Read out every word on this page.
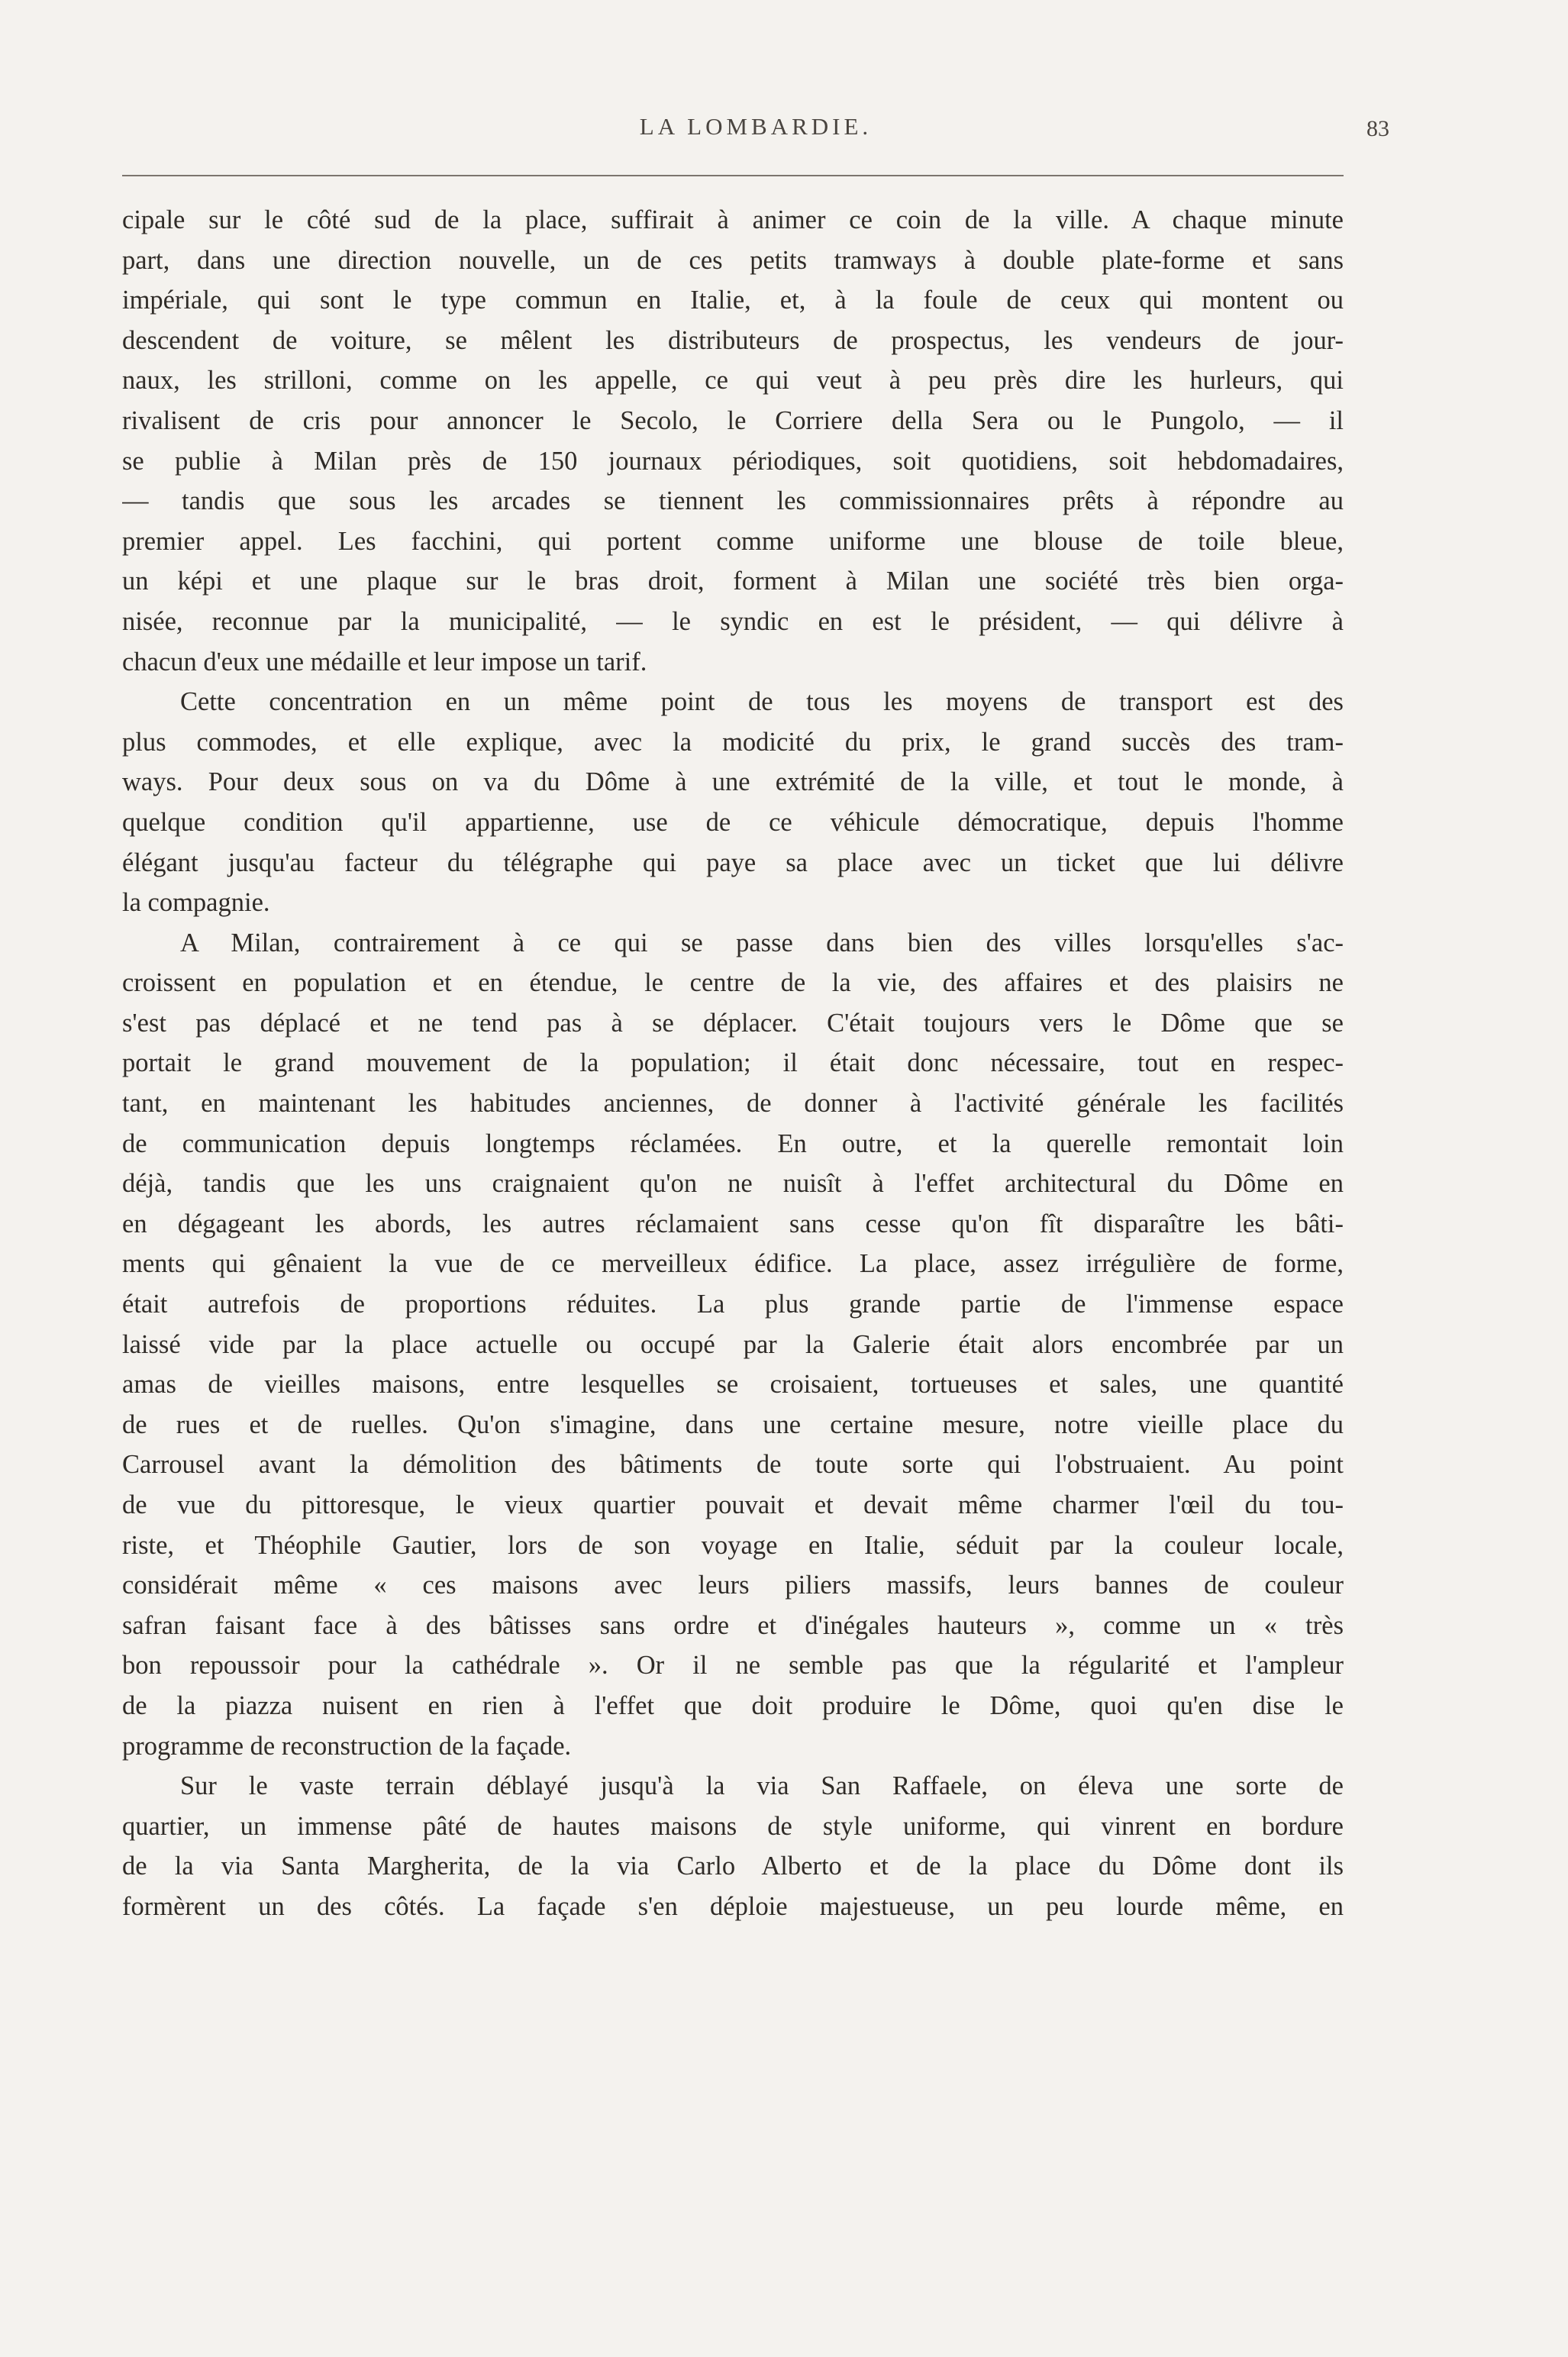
LA LOMBARDIE.	83
cipale sur le côté sud de la place, suffirait à animer ce coin de la ville. A chaque minute
part, dans une direction nouvelle, un de ces petits tramways à double plate-forme et sans
impériale, qui sont le type commun en Italie, et, à la foule de ceux qui montent ou
descendent de voiture, se mêlent les distributeurs de prospectus, les vendeurs de jour-
naux, les strilloni, comme on les appelle, ce qui veut à peu près dire les hurleurs, qui
rivalisent de cris pour annoncer le Secolo, le Corriere della Sera ou le Pungolo, — il
se publie à Milan près de 150 journaux périodiques, soit quotidiens, soit hebdomadaires,
— tandis que sous les arcades se tiennent les commissionnaires prêts à répondre au
premier appel. Les facchini, qui portent comme uniforme une blouse de toile bleue,
un képi et une plaque sur le bras droit, forment à Milan une société très bien orga-
nisée, reconnue par la municipalité, — le syndic en est le président, — qui délivre à
chacun d'eux une médaille et leur impose un tarif.
Cette concentration en un même point de tous les moyens de transport est des
plus commodes, et elle explique, avec la modicité du prix, le grand succès des tram-
ways. Pour deux sous on va du Dôme à une extrémité de la ville, et tout le monde, à
quelque condition qu'il appartienne, use de ce véhicule démocratique, depuis l'homme
élégant jusqu'au facteur du télégraphe qui paye sa place avec un ticket que lui délivre
la compagnie.
A Milan, contrairement à ce qui se passe dans bien des villes lorsqu'elles s'ac-
croissent en population et en étendue, le centre de la vie, des affaires et des plaisirs ne
s'est pas déplacé et ne tend pas à se déplacer. C'était toujours vers le Dôme que se
portait le grand mouvement de la population; il était donc nécessaire, tout en respec-
tant, en maintenant les habitudes anciennes, de donner à l'activité générale les facilités
de communication depuis longtemps réclamées. En outre, et la querelle remontait loin
déjà, tandis que les uns craignaient qu'on ne nuisît à l'effet architectural du Dôme en
en dégageant les abords, les autres réclamaient sans cesse qu'on fît disparaître les bâti-
ments qui gênaient la vue de ce merveilleux édifice. La place, assez irrégulière de forme,
était autrefois de proportions réduites. La plus grande partie de l'immense espace
laissé vide par la place actuelle ou occupé par la Galerie était alors encombrée par un
amas de vieilles maisons, entre lesquelles se croisaient, tortueuses et sales, une quantité
de rues et de ruelles. Qu'on s'imagine, dans une certaine mesure, notre vieille place du
Carrousel avant la démolition des bâtiments de toute sorte qui l'obstruaient. Au point
de vue du pittoresque, le vieux quartier pouvait et devait même charmer l'œil du tou-
riste, et Théophile Gautier, lors de son voyage en Italie, séduit par la couleur locale,
considérait même « ces maisons avec leurs piliers massifs, leurs bannes de couleur
safran faisant face à des bâtisses sans ordre et d'inégales hauteurs », comme un « très
bon repoussoir pour la cathédrale ». Or il ne semble pas que la régularité et l'ampleur
de la piazza nuisent en rien à l'effet que doit produire le Dôme, quoi qu'en dise le
programme de reconstruction de la façade.
Sur le vaste terrain déblayé jusqu'à la via San Raffaele, on éleva une sorte de
quartier, un immense pâté de hautes maisons de style uniforme, qui vinrent en bordure
de la via Santa Margherita, de la via Carlo Alberto et de la place du Dôme dont ils
formèrent un des côtés. La façade s'en déploie majestueuse, un peu lourde même, en
